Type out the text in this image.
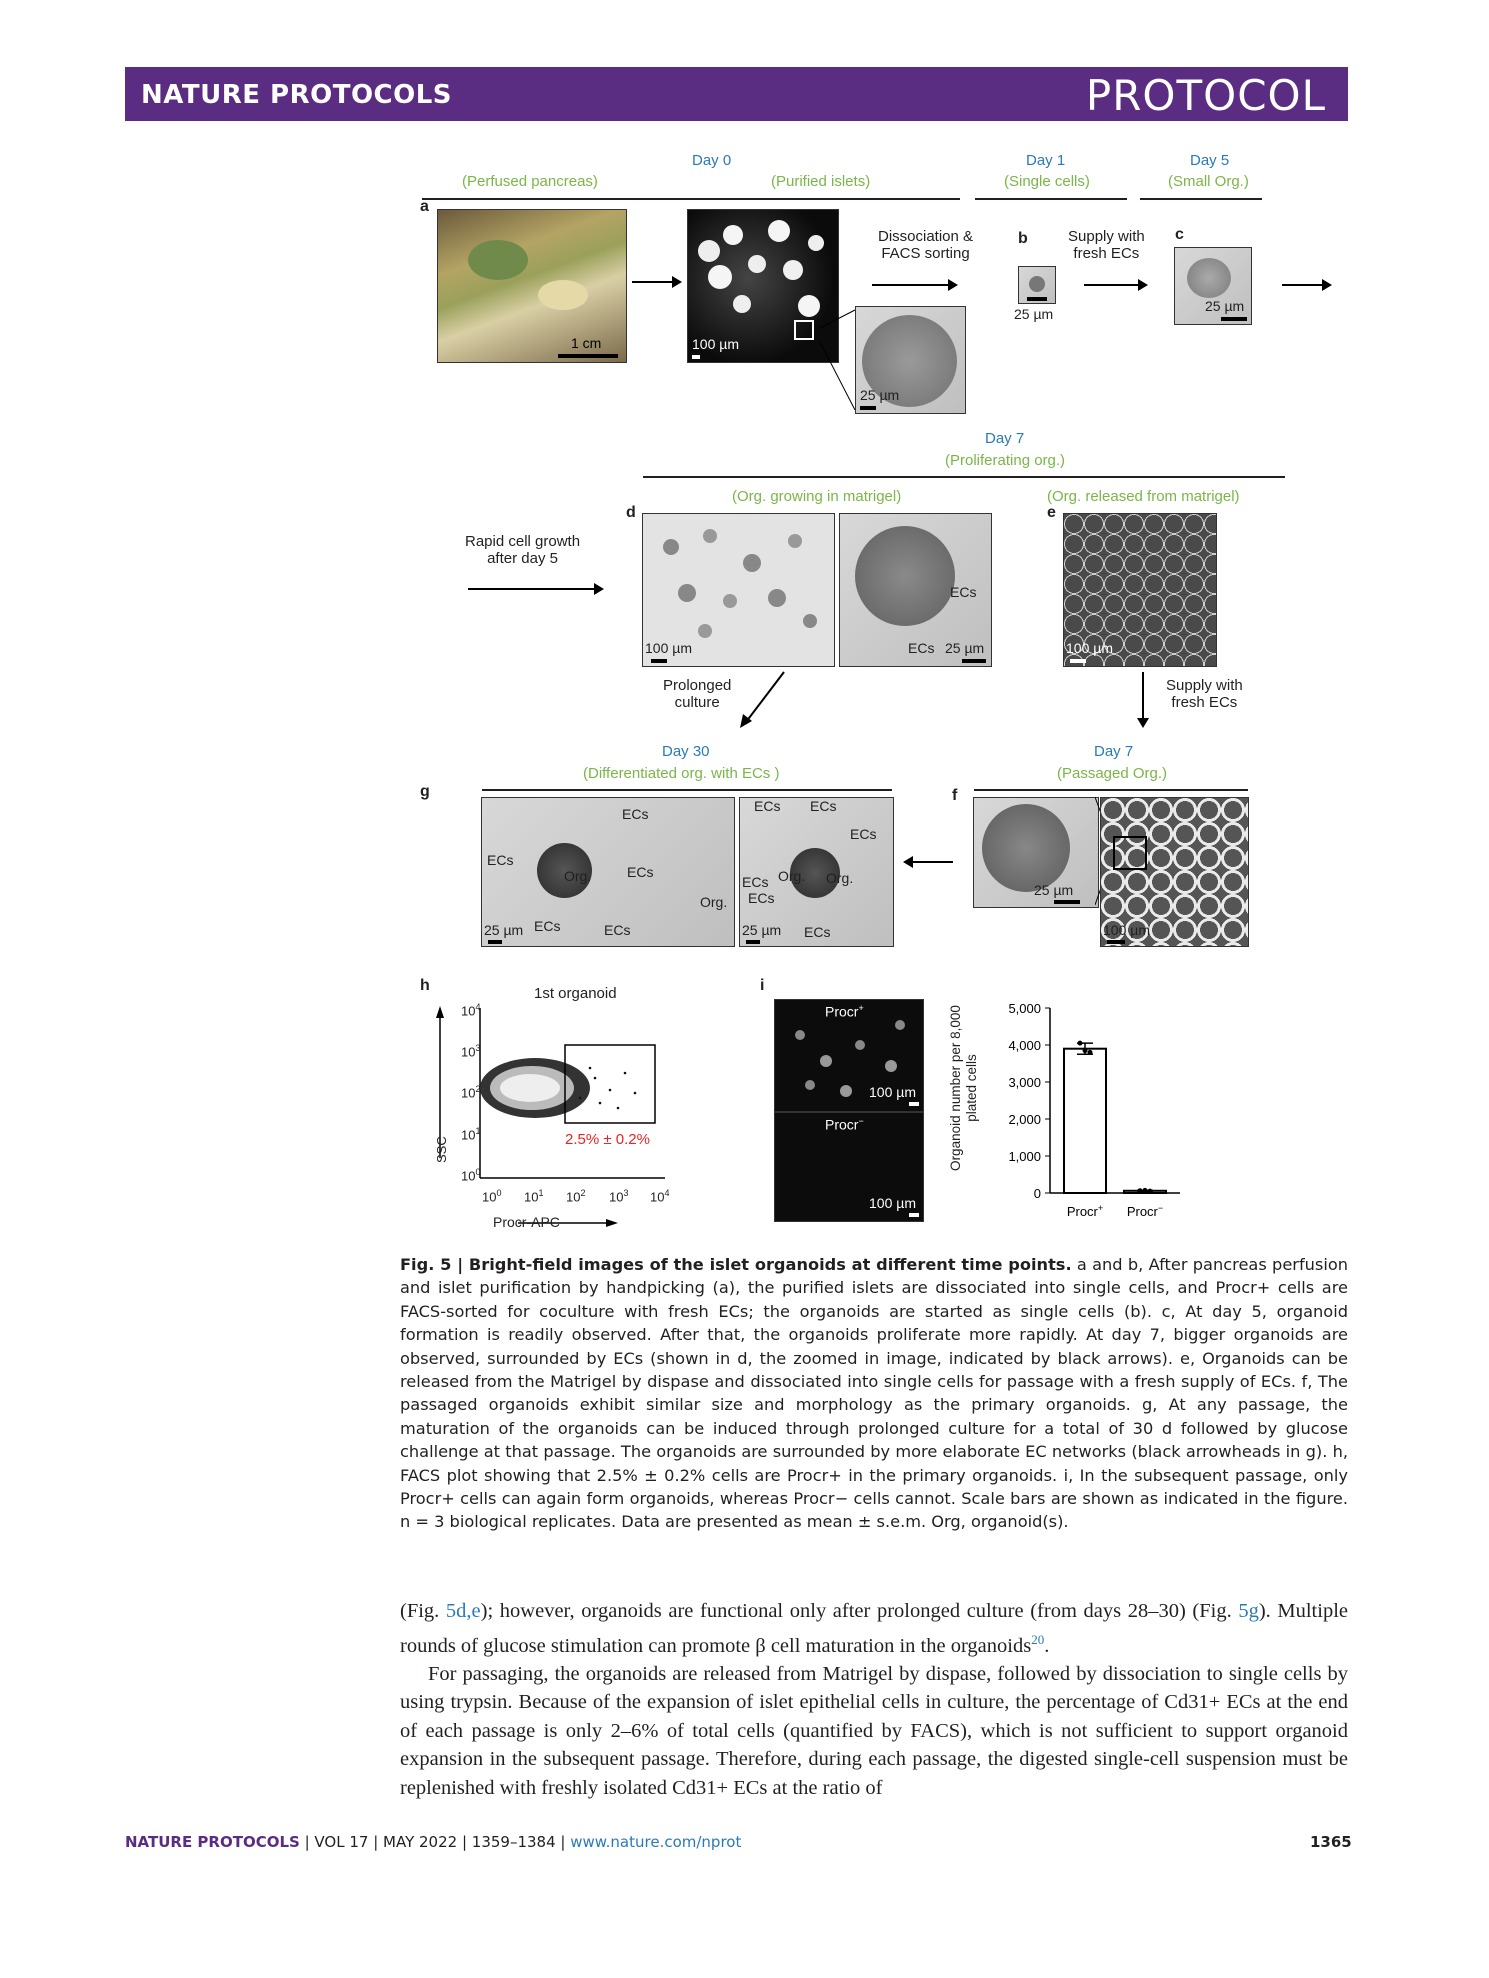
NATURE PROTOCOLS	PROTOCOL
Day 0	Day 1	Day 5
(Perfused pancreas)	(Purified islets)	(Single cells)	(Small Org.)
a
1 cm	100 µm
25 µm
Dissociation &
FACS sorting
b
25 µm
Supply with
fresh ECs
c
25 µm
Day 7
(Proliferating org.)
(Org. growing in matrigel)	(Org. released from matrigel)
d	e
Rapid cell growth
after day 5
100 µm
ECs
ECs 25 µm	100 µm
Prolonged
culture
Supply with
fresh ECs
Day 30
(Differentiated org. with ECs )
Day 7
(Passaged Org.)
g	f
ECs
ECs
Org.	ECs
Org.
ECs	ECs
25 µm
ECs ECs
ECs
Org. Org.
ECs
ECs
ECs
25 µm
25 µm
100 µm
h	1st organoid
SSC
Procr-APC
2.5% ± 0.2%
$10^4$
$10^3$
$10^2$
$10^1$
$10^0$
$10^0$ $10^1$ $10^2$ $10^3$ $10^4$
i
Procr+
100 µm
Procr−
100 µm
Organoid number per 8,000 plated cells
5,000
4,000
3,000
2,000
1,000
0
Procr+ Procr−
Fig. 5 | Bright-field images of the islet organoids at different time points. a and b, After pancreas perfusion and islet purification by handpicking (a), the purified islets are dissociated into single cells, and Procr+ cells are FACS-sorted for coculture with fresh ECs; the organoids are started as single cells (b). c, At day 5, organoid formation is readily observed. After that, the organoids proliferate more rapidly. At day 7, bigger organoids are observed, surrounded by ECs (shown in d, the zoomed in image, indicated by black arrows). e, Organoids can be released from the Matrigel by dispase and dissociated into single cells for passage with a fresh supply of ECs. f, The passaged organoids exhibit similar size and morphology as the primary organoids. g, At any passage, the maturation of the organoids can be induced through prolonged culture for a total of 30 d followed by glucose challenge at that passage. The organoids are surrounded by more elaborate EC networks (black arrowheads in g). h, FACS plot showing that 2.5% ± 0.2% cells are Procr+ in the primary organoids. i, In the subsequent passage, only Procr+ cells can again form organoids, whereas Procr− cells cannot. Scale bars are shown as indicated in the figure. n = 3 biological replicates. Data are presented as mean ± s.e.m. Org, organoid(s).
(Fig. 5d,e); however, organoids are functional only after prolonged culture (from days 28–30) (Fig. 5g). Multiple rounds of glucose stimulation can promote β cell maturation in the organoids$^{20}$.
For passaging, the organoids are released from Matrigel by dispase, followed by dissociation to single cells by using trypsin. Because of the expansion of islet epithelial cells in culture, the percentage of Cd31+ ECs at the end of each passage is only 2–6% of total cells (quantified by FACS), which is not sufficient to support organoid expansion in the subsequent passage. Therefore, during each passage, the digested single-cell suspension must be replenished with freshly isolated Cd31+ ECs at the ratio of
NATURE PROTOCOLS | VOL 17 | MAY 2022 | 1359–1384 | www.nature.com/nprot	1365
